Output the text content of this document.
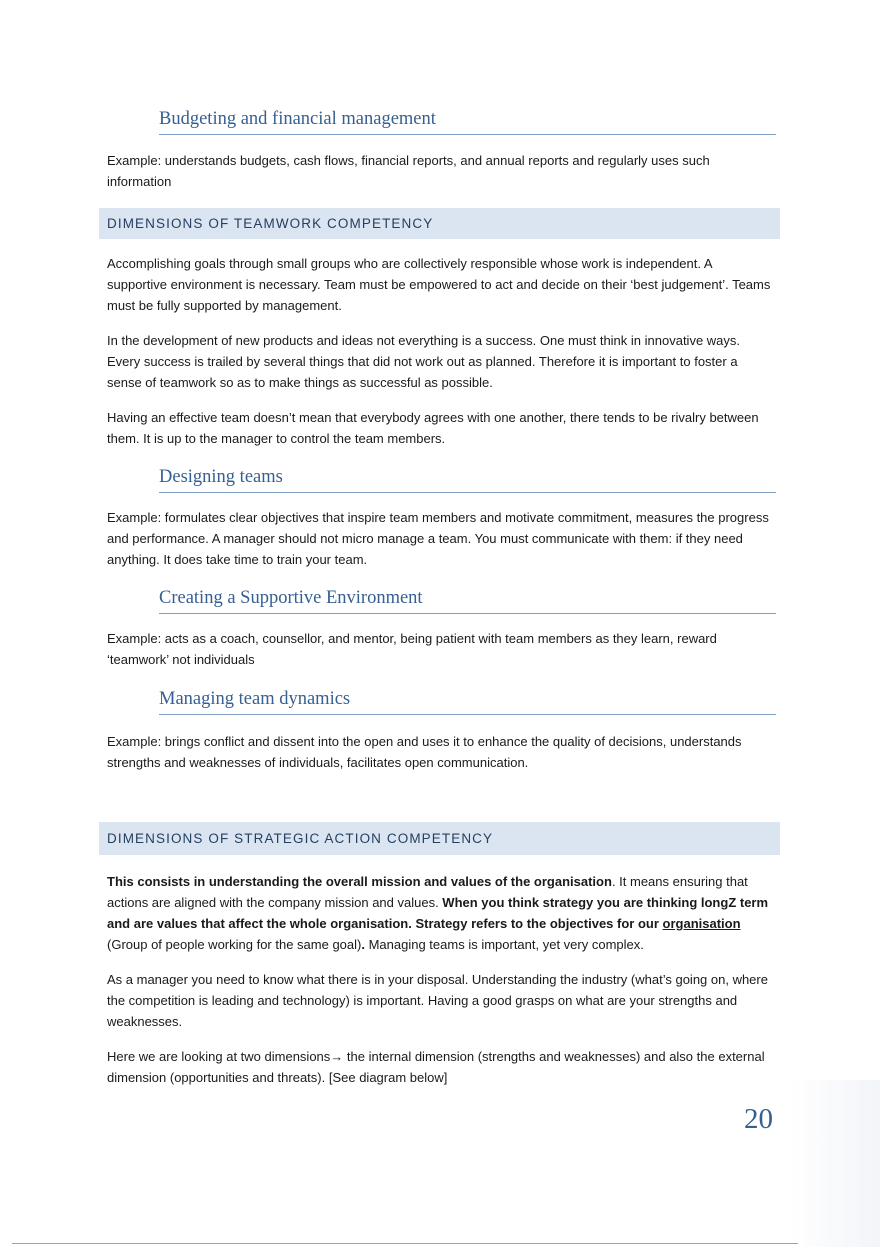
Budgeting and financial management
Example: understands budgets, cash flows, financial reports, and annual reports and regularly uses such information
DIMENSIONS OF TEAMWORK COMPETENCY
Accomplishing goals through small groups who are collectively responsible whose work is independent. A supportive environment is necessary. Team must be empowered to act and decide on their ‘best judgement’. Teams must be fully supported by management.
In the development of new products and ideas not everything is a success. One must think in innovative ways. Every success is trailed by several things that did not work out as planned. Therefore it is important to foster a sense of teamwork so as to make things as successful as possible.
Having an effective team doesn’t mean that everybody agrees with one another, there tends to be rivalry between them. It is up to the manager to control the team members.
Designing teams
Example: formulates clear objectives that inspire team members and motivate commitment, measures the progress and performance. A manager should not micro manage a team. You must communicate with them: if they need anything. It does take time to train your team.
Creating a Supportive Environment
Example: acts as a coach, counsellor, and mentor, being patient with team members as they learn, reward ‘teamwork’ not individuals
Managing team dynamics
Example: brings conflict and dissent into the open and uses it to enhance the quality of decisions, understands strengths and weaknesses of individuals, facilitates open communication.
DIMENSIONS OF STRATEGIC ACTION COMPETENCY
This consists in understanding the overall mission and values of the organisation. It means ensuring that actions are aligned with the company mission and values. When you think strategy you are thinking longZ term and are values that affect the whole organisation. Strategy refers to the objectives for our organisation (Group of people working for the same goal). Managing teams is important, yet very complex.
As a manager you need to know what there is in your disposal. Understanding the industry (what’s going on, where the competition is leading and technology) is important. Having a good grasps on what are your strengths and weaknesses.
Here we are looking at two dimensions→ the internal dimension (strengths and weaknesses) and also the external dimension (opportunities and threats). [See diagram below]
20
